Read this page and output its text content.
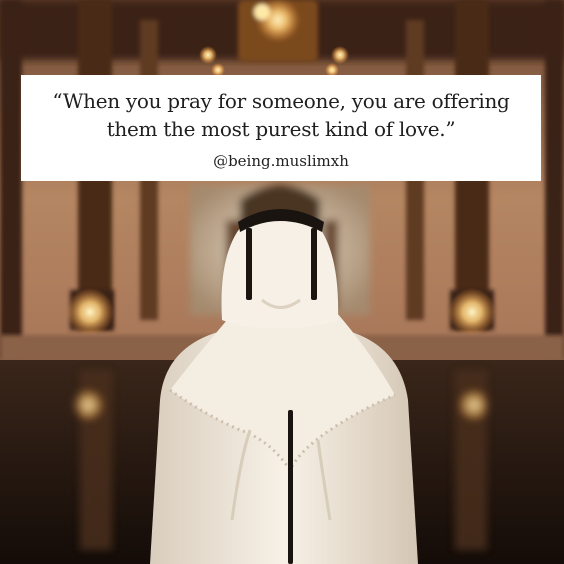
“When you pray for someone, you are offering
them the most purest kind of love.”
@being.muslimxh
